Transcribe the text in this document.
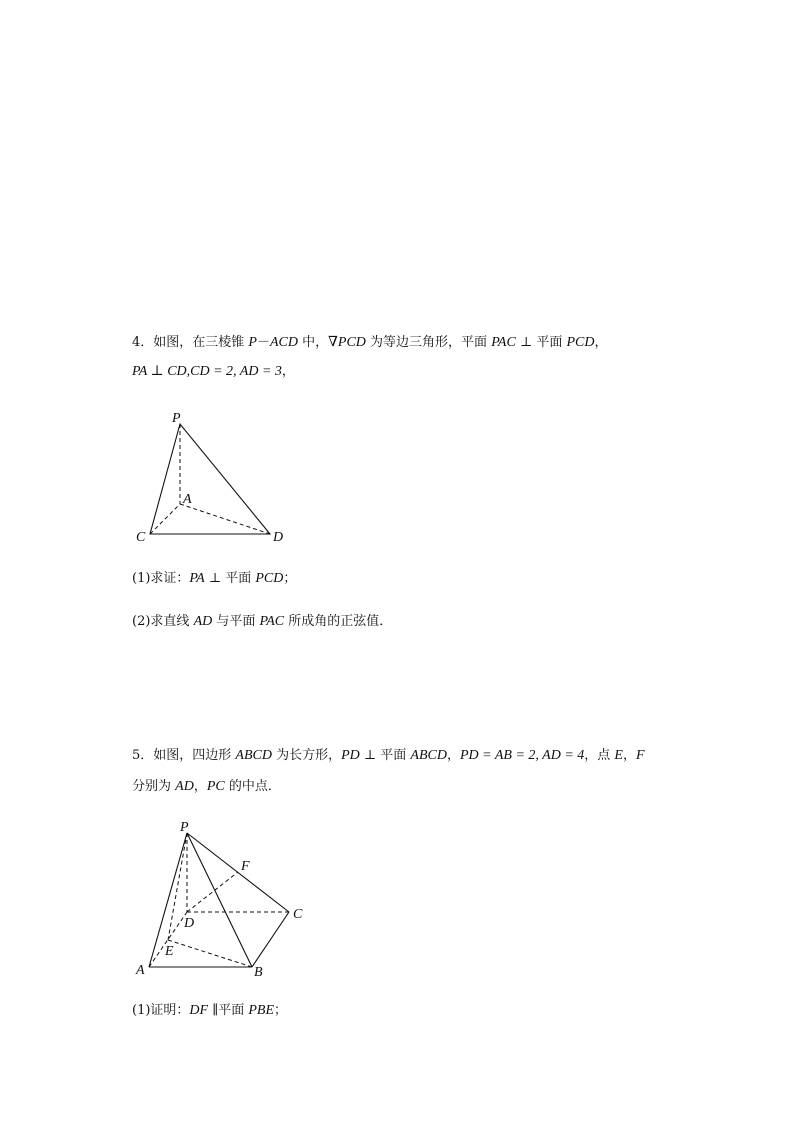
4．如图，在三棱锥 P－ACD 中，∇PCD 为等边三角形，平面 PAC ⊥ 平面 PCD，
PA ⊥ CD,CD = 2, AD = 3，
P
A
C	D
(1)求证：PA ⊥ 平面 PCD；
(2)求直线 AD 与平面 PAC 所成角的正弦值．
5．如图，四边形 ABCD 为长方形，PD ⊥ 平面 ABCD，PD = AB = 2, AD = 4，点 E，F
分别为 AD，PC 的中点．
P
F
C
D
E
A	B
(1)证明：DF ∥平面 PBE；
